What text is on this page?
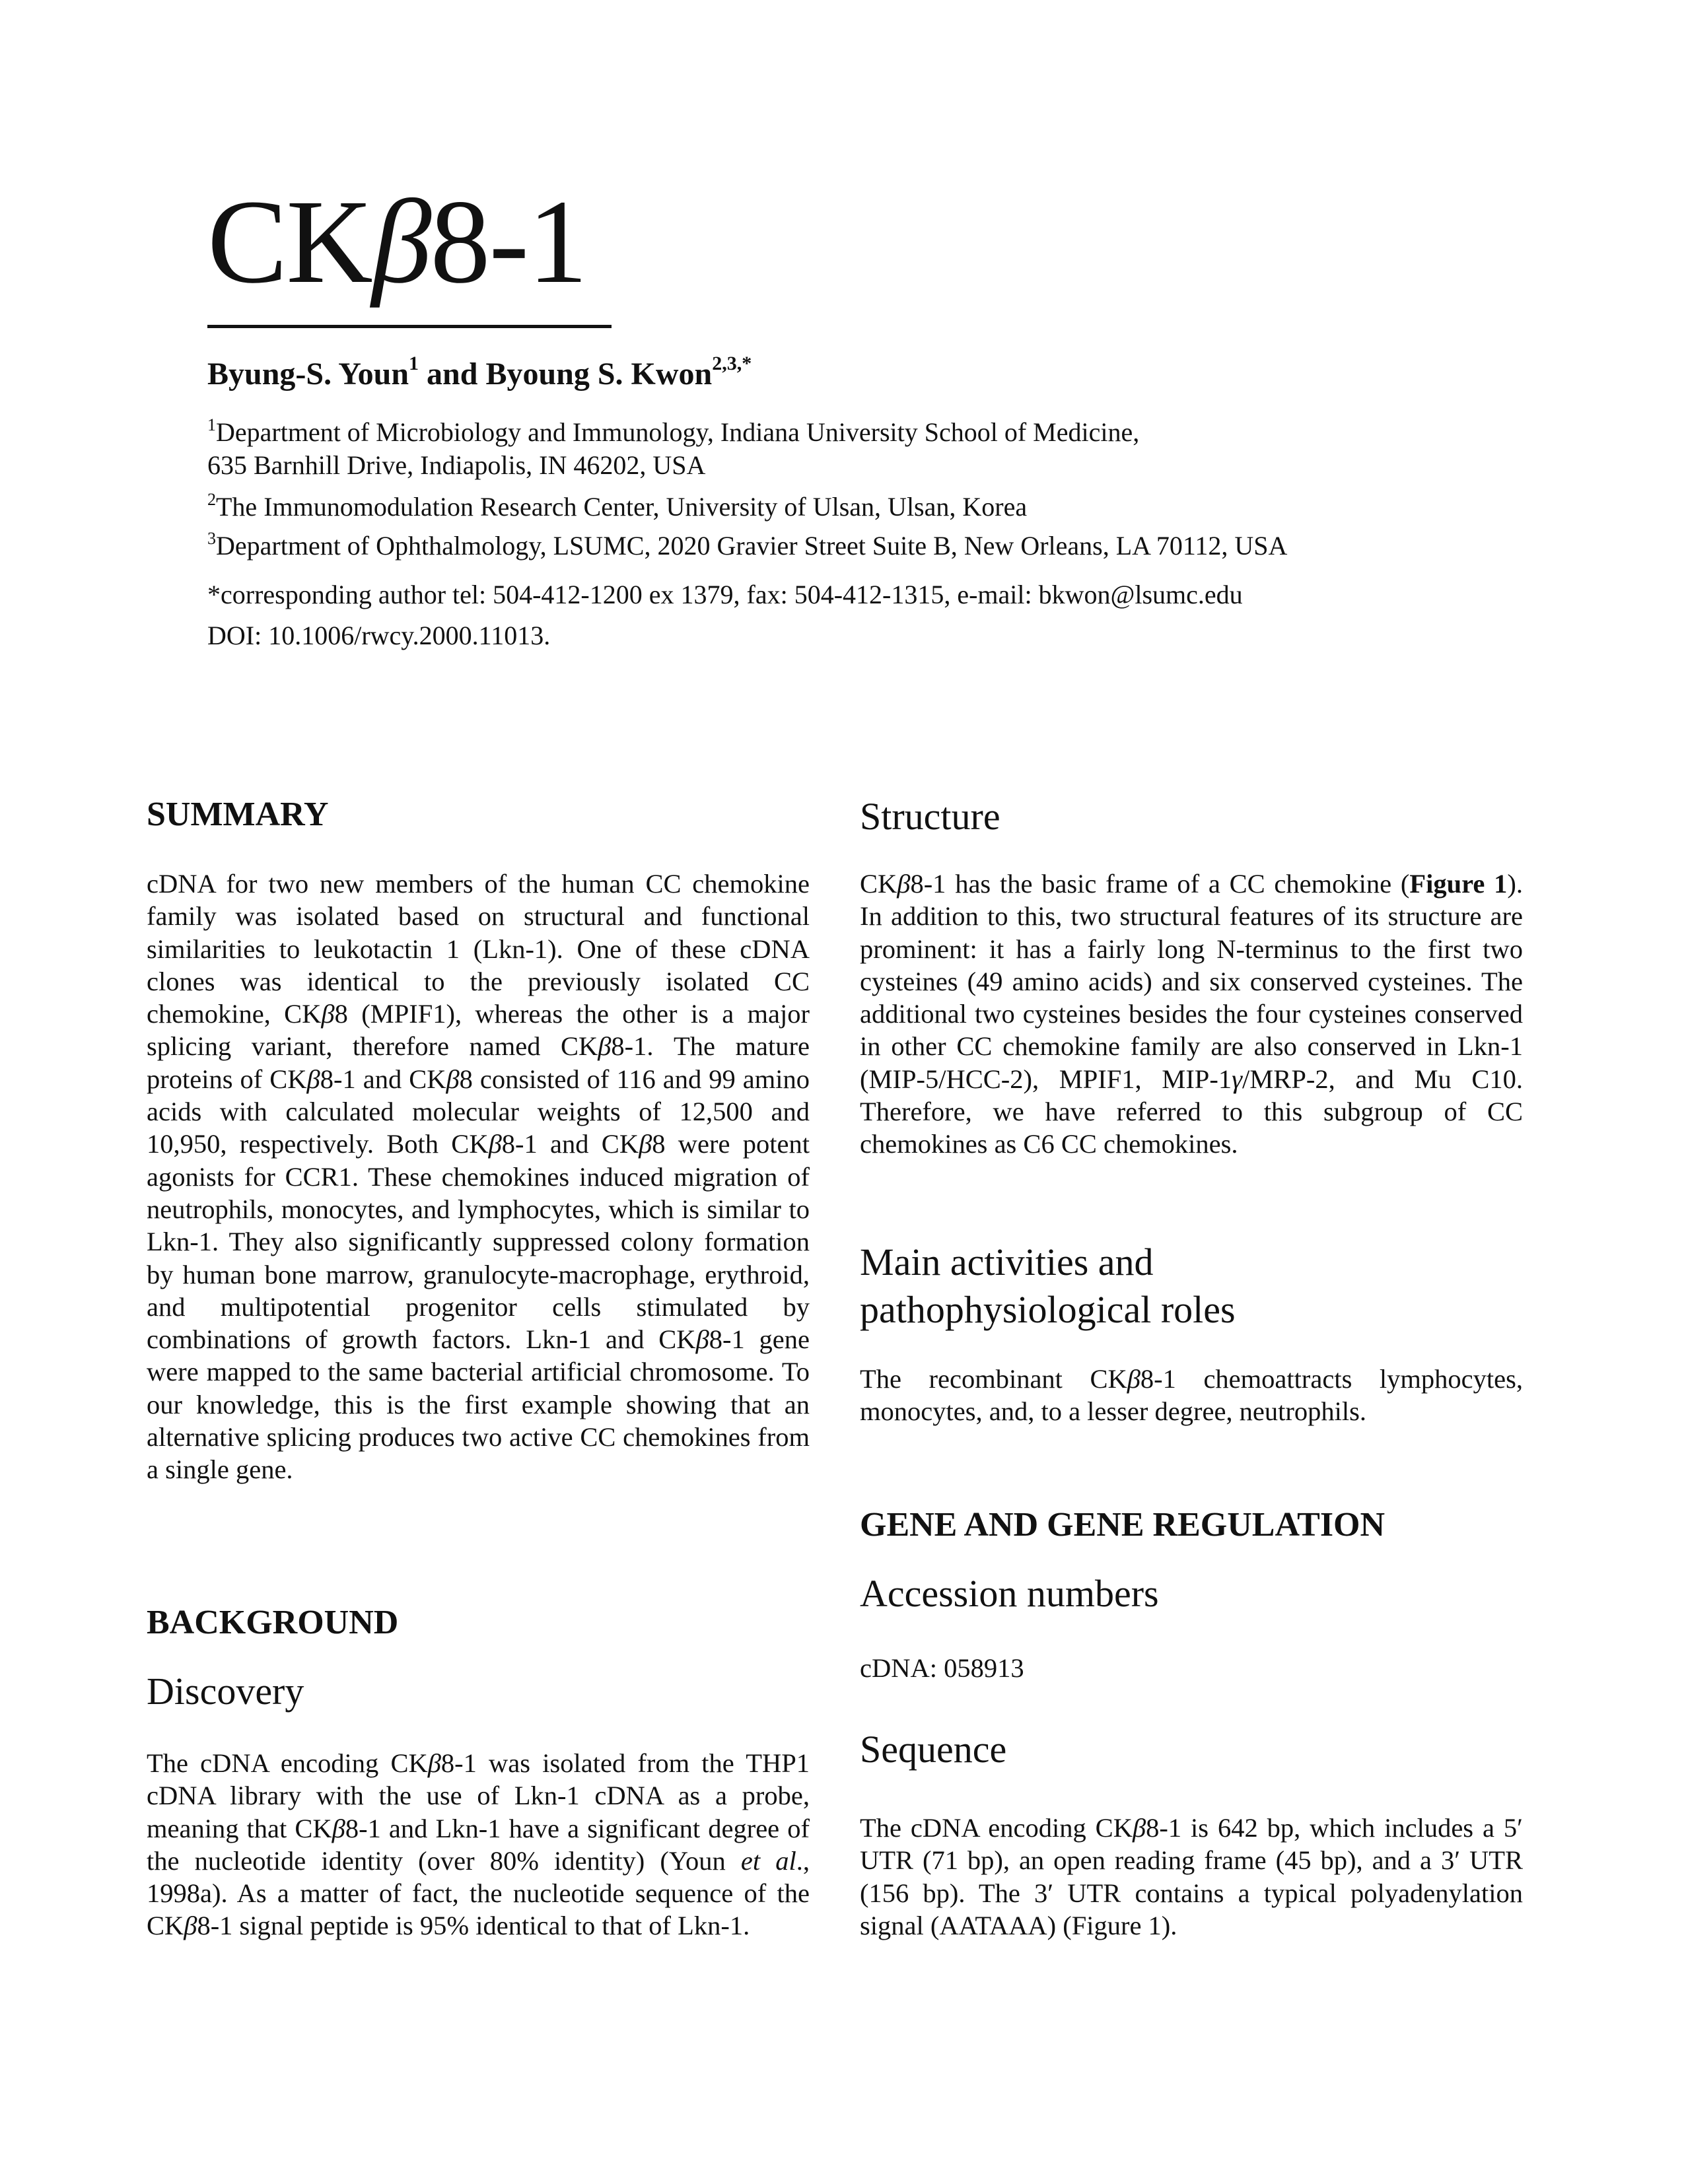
CKβ8-1

Byung-S. Youn$^1$ and Byoung S. Kwon$^{2,3,*}$

$^1$Department of Microbiology and Immunology, Indiana University School of Medicine,
635 Barnhill Drive, Indiapolis, IN 46202, USA

$^2$The Immunomodulation Research Center, University of Ulsan, Ulsan, Korea

$^3$Department of Ophthalmology, LSUMC, 2020 Gravier Street Suite B, New Orleans, LA 70112, USA

*corresponding author tel: 504-412-1200 ex 1379, fax: 504-412-1315, e-mail: bkwon@lsumc.edu

DOI: 10.1006/rwcy.2000.11013.

SUMMARY

cDNA for two new members of the human CC chemokine family was isolated based on structural and functional similarities to leukotactin 1 (Lkn-1). One of these cDNA clones was identical to the previously isolated CC chemokine, CKβ8 (MPIF1), whereas the other is a major splicing variant, therefore named CKβ8-1. The mature proteins of CKβ8-1 and CKβ8 consisted of 116 and 99 amino acids with calculated molecular weights of 12,500 and 10,950, respectively. Both CKβ8-1 and CKβ8 were potent agonists for CCR1. These chemokines induced migration of neutrophils, monocytes, and lymphocytes, which is similar to Lkn-1. They also significantly suppressed colony formation by human bone marrow, granulocyte-macrophage, erythroid, and multipotential progenitor cells stimulated by combinations of growth factors. Lkn-1 and CKβ8-1 gene were mapped to the same bacterial artificial chromosome. To our knowledge, this is the first example showing that an alternative splicing produces two active CC chemokines from a single gene.

BACKGROUND
Discovery

The cDNA encoding CKβ8-1 was isolated from the THP1 cDNA library with the use of Lkn-1 cDNA as a probe, meaning that CKβ8-1 and Lkn-1 have a significant degree of the nucleotide identity (over 80% identity) (Youn et al., 1998a). As a matter of fact, the nucleotide sequence of the CKβ8-1 signal peptide is 95% identical to that of Lkn-1.

Structure

CKβ8-1 has the basic frame of a CC chemokine (Figure 1). In addition to this, two structural features of its structure are prominent: it has a fairly long N-terminus to the first two cysteines (49 amino acids) and six conserved cysteines. The additional two cysteines besides the four cysteines conserved in other CC chemokine family are also conserved in Lkn-1 (MIP-5/HCC-2), MPIF1, MIP-1γ/MRP-2, and Mu C10. Therefore, we have referred to this subgroup of CC chemokines as C6 CC chemokines.

Main activities and
pathophysiological roles

The recombinant CKβ8-1 chemoattracts lymphocytes, monocytes, and, to a lesser degree, neutrophils.

GENE AND GENE REGULATION
Accession numbers

cDNA: 058913

Sequence

The cDNA encoding CKβ8-1 is 642 bp, which includes a 5′ UTR (71 bp), an open reading frame (45 bp), and a 3′ UTR (156 bp). The 3′ UTR contains a typical polyadenylation signal (AATAAA) (Figure 1).
